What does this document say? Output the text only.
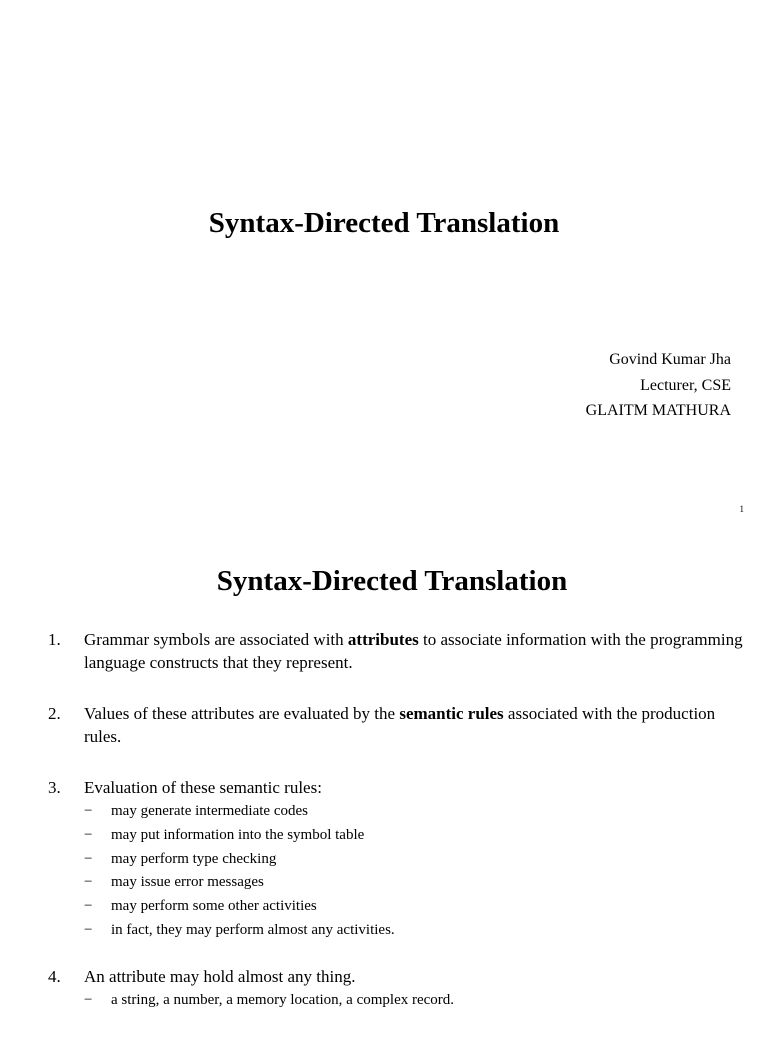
Syntax-Directed Translation
Govind Kumar Jha
Lecturer, CSE
GLAITM MATHURA
1
Syntax-Directed Translation
1. Grammar symbols are associated with attributes to associate information with the programming language constructs that they represent.
2. Values of these attributes are evaluated by the semantic rules associated with the production rules.
3. Evaluation of these semantic rules:
− may generate intermediate codes
− may put information into the symbol table
− may perform type checking
− may issue error messages
− may perform some other activities
− in fact, they may perform almost any activities.
4. An attribute may hold almost any thing.
− a string, a number, a memory location, a complex record.
